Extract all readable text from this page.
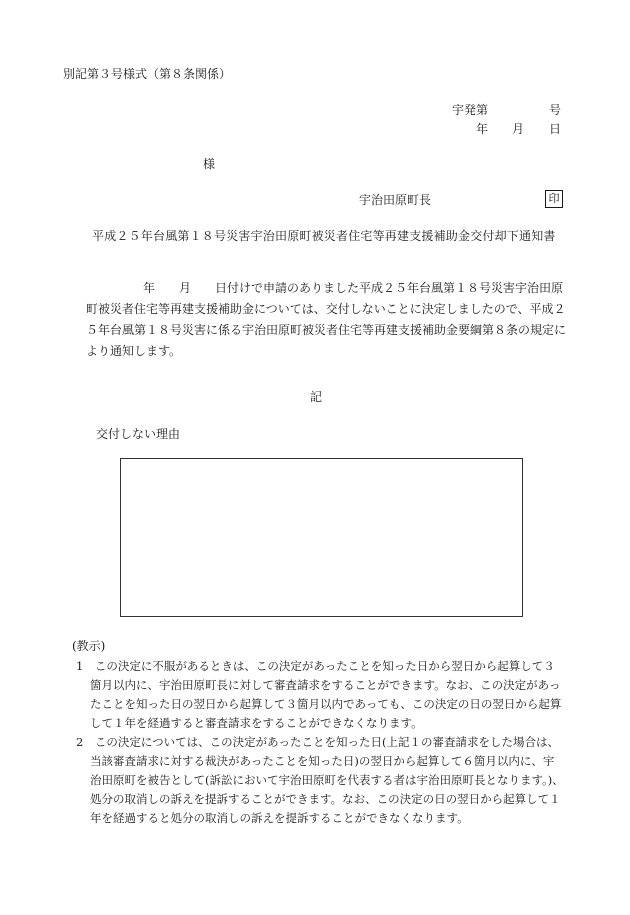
別記第３号様式（第８条関係）
宇発第	号
年 月 日
様
宇治田原町長	印
平成２５年台風第１８号災害宇治田原町被災者住宅等再建支援補助金交付却下通知書
年　　月　　日付けで申請のありました平成２５年台風第１８号災害宇治田原
町被災者住宅等再建支援補助金については、交付しないことに決定しましたので、平成２
５年台風第１８号災害に係る宇治田原町被災者住宅等再建支援補助金要綱第８条の規定に
より通知します。
記
交付しない理由
(教示)
1　この決定に不服があるときは、この決定があったことを知った日から翌日から起算して３
箇月以内に、宇治田原町長に対して審査請求をすることができます。なお、この決定があっ
たことを知った日の翌日から起算して３箇月以内であっても、この決定の日の翌日から起算
して１年を経過すると審査請求をすることができなくなります。
2　この決定については、この決定があったことを知った日(上記１の審査請求をした場合は、
当該審査請求に対する裁決があったことを知った日)の翌日から起算して６箇月以内に、宇
治田原町を被告として(訴訟において宇治田原町を代表する者は宇治田原町長となります。)、
処分の取消しの訴えを提訴することができます。なお、この決定の日の翌日から起算して１
年を経過すると処分の取消しの訴えを提訴することができなくなります。
